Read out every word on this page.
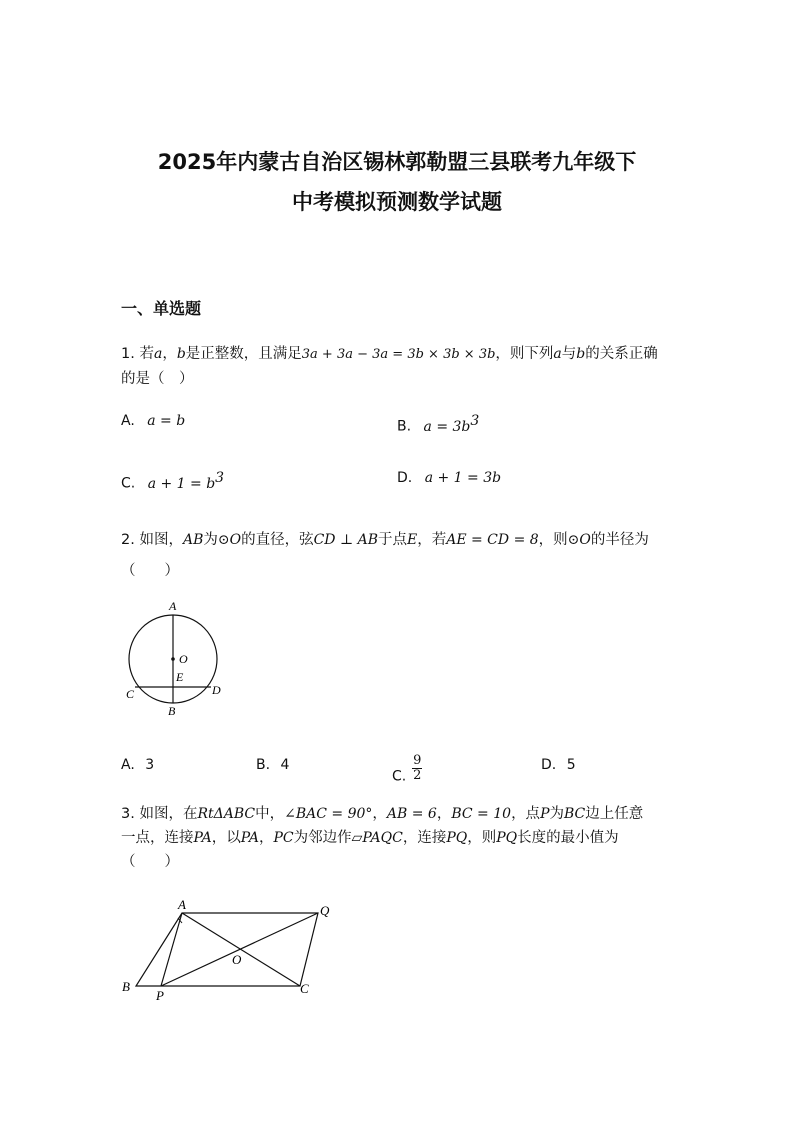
2025年内蒙古自治区锡林郭勒盟三县联考九年级下
中考模拟预测数学试题
一、单选题
1. 若a，b是正整数，且满足3a + 3a − 3a = 3b × 3b × 3b，则下列a与b的关系正确
的是（　）
A. a = b	B. $a = 3b^3$
C. $a + 1 = b^3$	D. a + 1 = 3b
2. 如图，AB为⊙O的直径，弦CD ⊥ AB于点E，若AE = CD = 8，则⊙O的半径为
（　　）
A
O
E
C	D
B
A. 3	B. 4
C. $\frac{9}{2}$	D. 5
3. 如图，在RtΔABC中，∠BAC = 90°，AB = 6，BC = 10，点P为BC边上任意
一点，连接PA，以PA，PC为邻边作▱PAQC，连接PQ，则PQ长度的最小值为
（　　）
A	Q
O
B
P	C
